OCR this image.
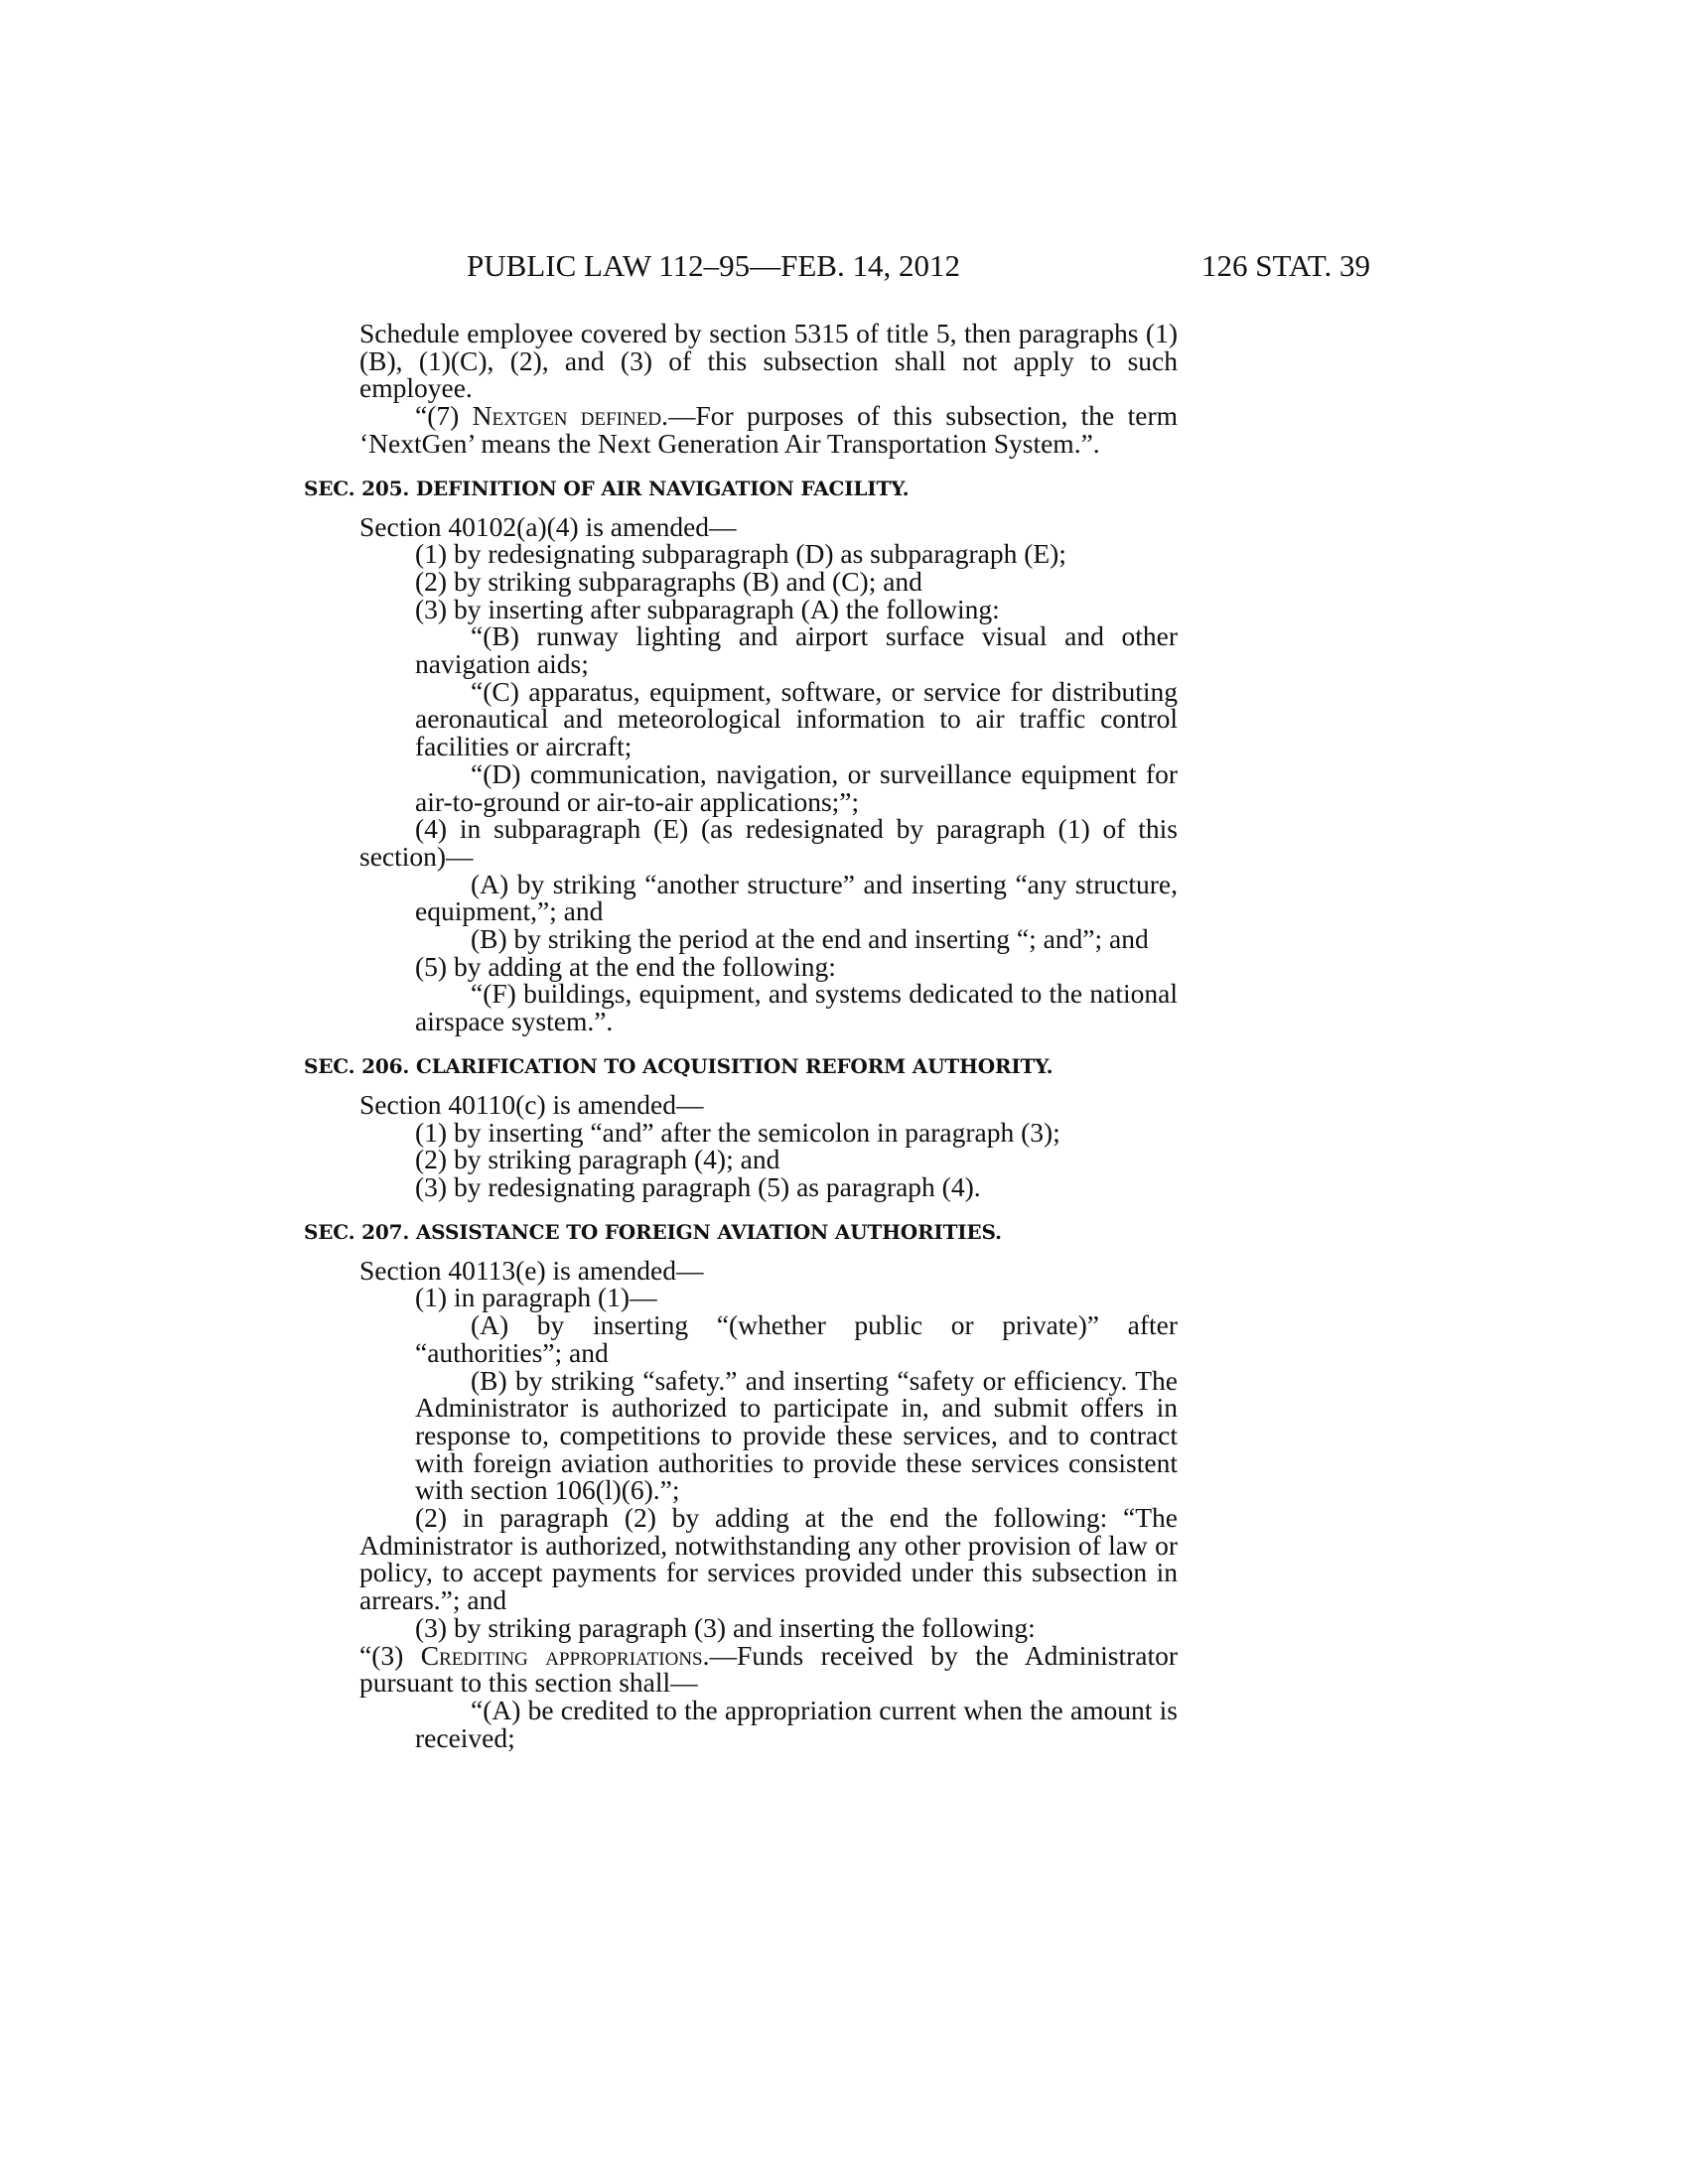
PUBLIC LAW 112–95—FEB. 14, 2012	126 STAT. 39

Schedule employee covered by section 5315 of title 5, then paragraphs (1)(B), (1)(C), (2), and (3) of this subsection shall not apply to such employee.

“(7) Nextgen defined.—For purposes of this subsection, the term ‘NextGen’ means the Next Generation Air Transportation System.”.

SEC. 205. DEFINITION OF AIR NAVIGATION FACILITY.

Section 40102(a)(4) is amended—

(1) by redesignating subparagraph (D) as subparagraph (E);

(2) by striking subparagraphs (B) and (C); and

(3) by inserting after subparagraph (A) the following:

“(B) runway lighting and airport surface visual and other navigation aids;

“(C) apparatus, equipment, software, or service for distributing aeronautical and meteorological information to air traffic control facilities or aircraft;

“(D) communication, navigation, or surveillance equipment for air-to-ground or air-to-air applications;”;

(4) in subparagraph (E) (as redesignated by paragraph (1) of this section)—

(A) by striking “another structure” and inserting “any structure, equipment,”; and

(B) by striking the period at the end and inserting “; and”; and

(5) by adding at the end the following:

“(F) buildings, equipment, and systems dedicated to the national airspace system.”.

SEC. 206. CLARIFICATION TO ACQUISITION REFORM AUTHORITY.

Section 40110(c) is amended—

(1) by inserting “and” after the semicolon in paragraph (3);

(2) by striking paragraph (4); and

(3) by redesignating paragraph (5) as paragraph (4).

SEC. 207. ASSISTANCE TO FOREIGN AVIATION AUTHORITIES.

Section 40113(e) is amended—

(1) in paragraph (1)—

(A) by inserting “(whether public or private)” after “authorities”; and

(B) by striking “safety.” and inserting “safety or efficiency. The Administrator is authorized to participate in, and submit offers in response to, competitions to provide these services, and to contract with foreign aviation authorities to provide these services consistent with section 106(l)(6).”;

(2) in paragraph (2) by adding at the end the following: “The Administrator is authorized, notwithstanding any other provision of law or policy, to accept payments for services provided under this subsection in arrears.”; and

(3) by striking paragraph (3) and inserting the following:

“(3) Crediting appropriations.—Funds received by the Administrator pursuant to this section shall—

“(A) be credited to the appropriation current when the amount is received;
